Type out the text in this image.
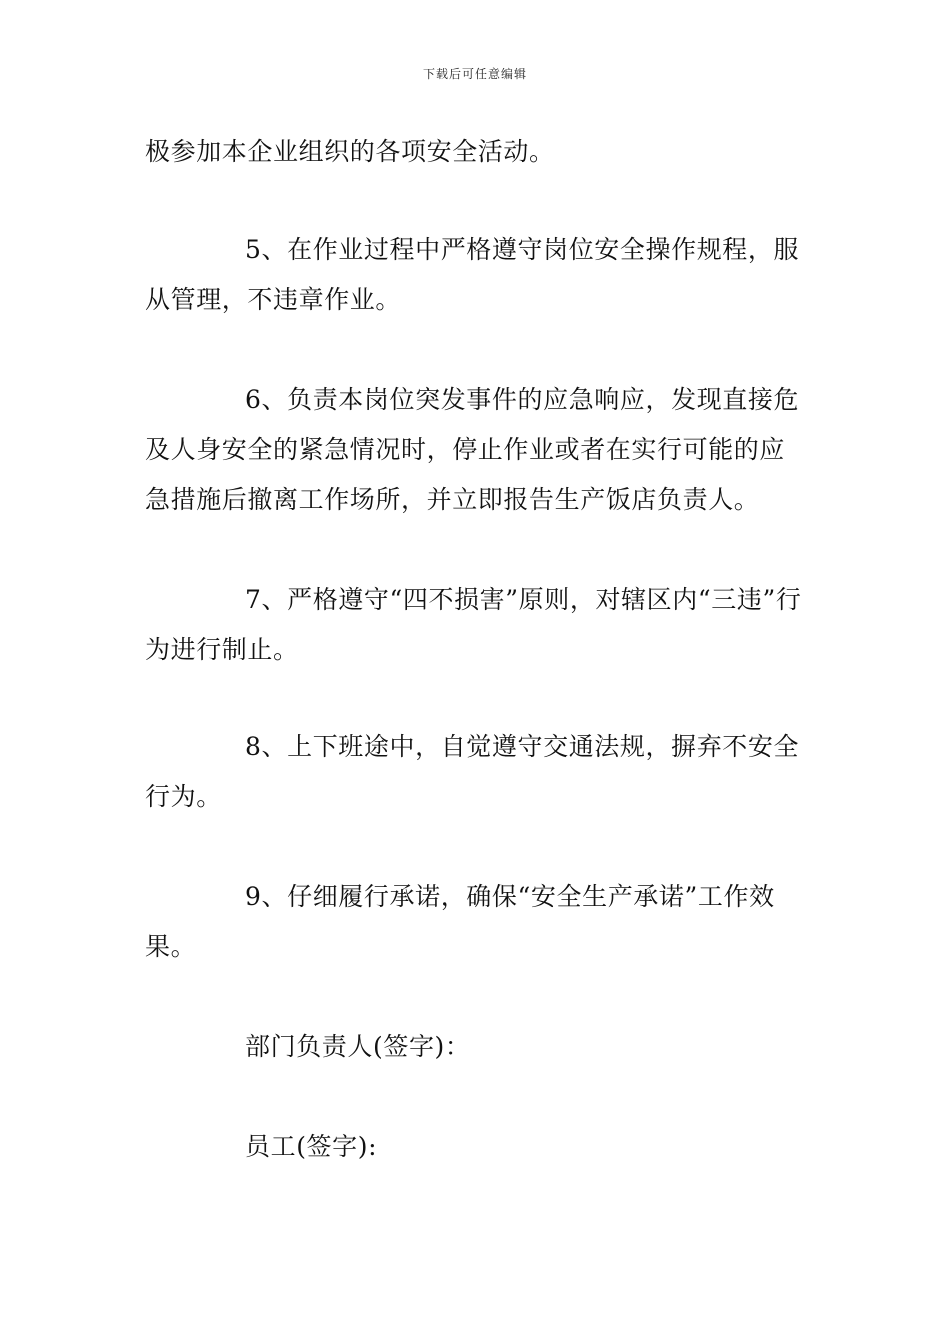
下载后可任意编辑

极参加本企业组织的各项安全活动。

5、在作业过程中严格遵守岗位安全操作规程，服从管理，不违章作业。

6、负责本岗位突发事件的应急响应，发现直接危及人身安全的紧急情况时，停止作业或者在实行可能的应急措施后撤离工作场所，并立即报告生产饭店负责人。

7、严格遵守“四不损害”原则，对辖区内“三违”行为进行制止。

8、上下班途中，自觉遵守交通法规，摒弃不安全行为。

9、仔细履行承诺，确保“安全生产承诺”工作效果。

部门负责人(签字)：

员工(签字):
